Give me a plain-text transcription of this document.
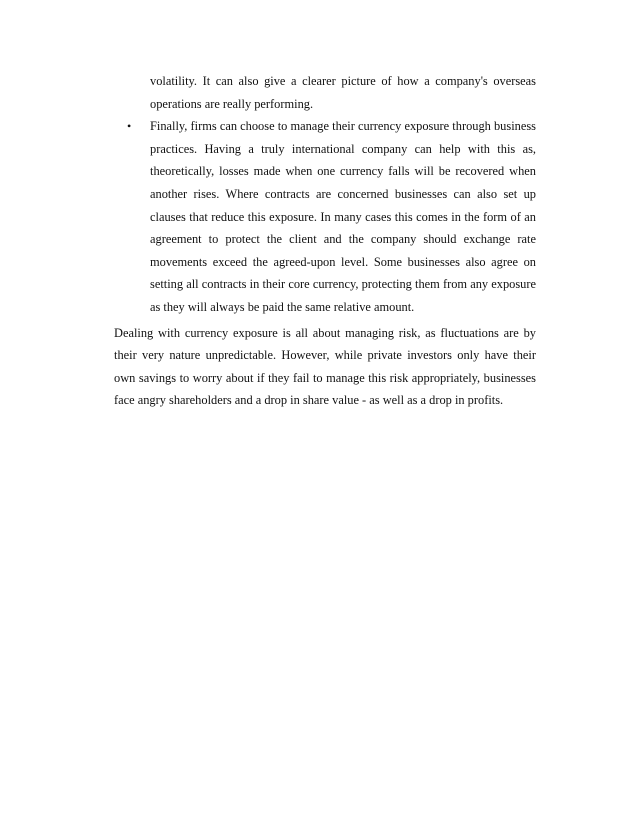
volatility. It can also give a clearer picture of how a company's overseas operations are really performing.

• Finally, firms can choose to manage their currency exposure through business practices. Having a truly international company can help with this as, theoretically, losses made when one currency falls will be recovered when another rises. Where contracts are concerned businesses can also set up clauses that reduce this exposure. In many cases this comes in the form of an agreement to protect the client and the company should exchange rate movements exceed the agreed-upon level. Some businesses also agree on setting all contracts in their core currency, protecting them from any exposure as they will always be paid the same relative amount.

Dealing with currency exposure is all about managing risk, as fluctuations are by their very nature unpredictable. However, while private investors only have their own savings to worry about if they fail to manage this risk appropriately, businesses face angry shareholders and a drop in share value - as well as a drop in profits.
